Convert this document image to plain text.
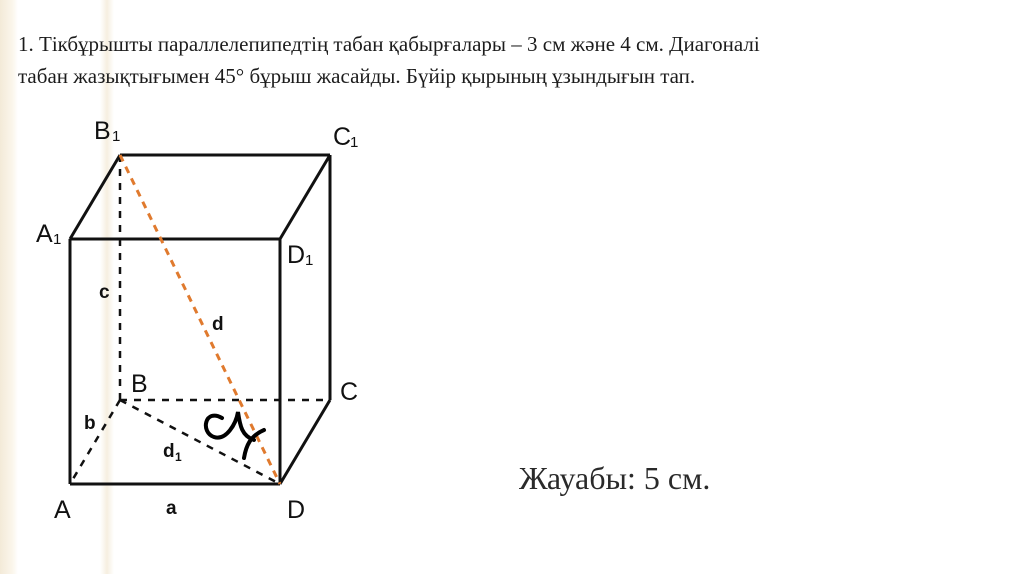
1. Тікбұрышты параллелепипедтің табан қабырғалары – 3 см және 4 см. Диагоналі
табан жазықтығымен 45° бұрыш жасайды. Бүйір қырының ұзындығын тап.
B 1	C
1
A 1
D 1
B	C
A	D
c
d
b
d 1
a
Жауабы: 5 см.
